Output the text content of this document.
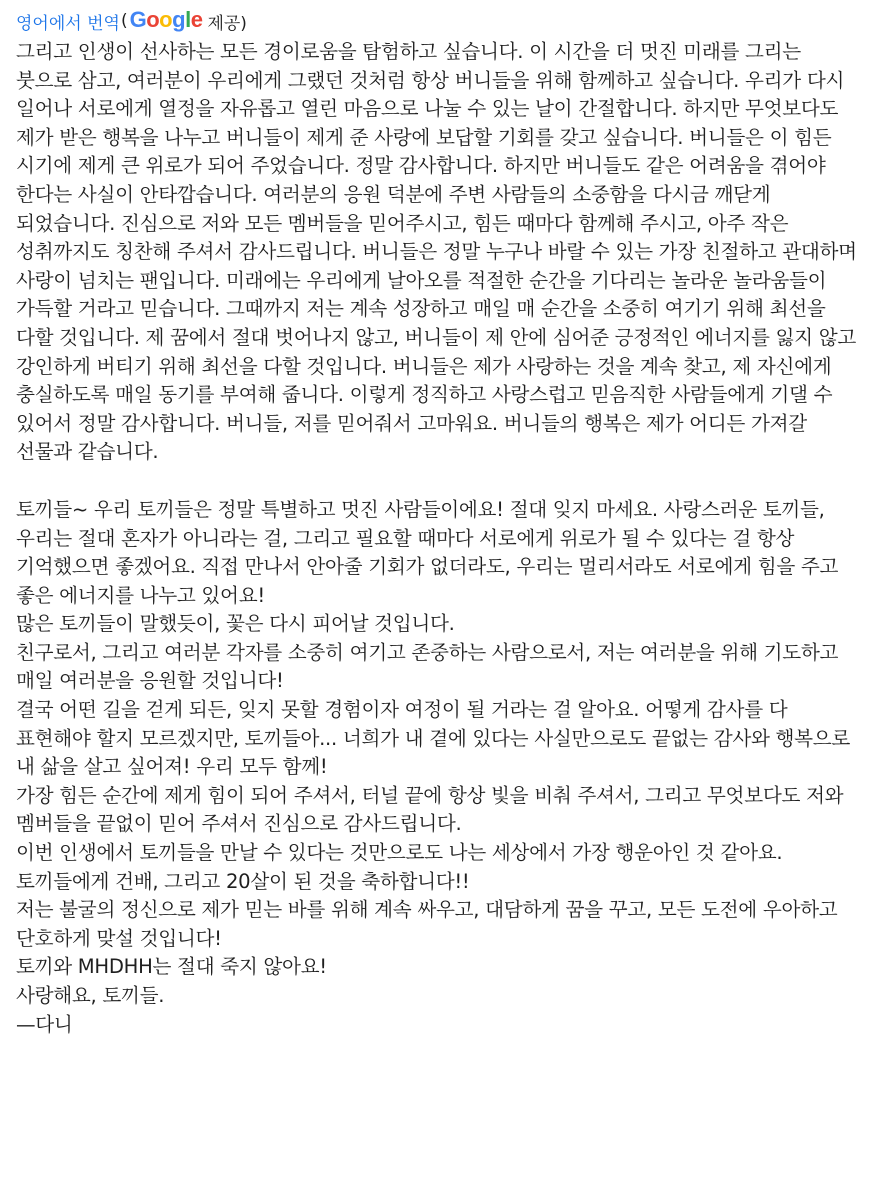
영어에서 번역 ( Google 제공)

그리고 인생이 선사하는 모든 경이로움을 탐험하고 싶습니다. 이 시간을 더 멋진 미래를 그리는 붓으로 삼고, 여러분이 우리에게 그랬던 것처럼 항상 버니들을 위해 함께하고 싶습니다. 우리가 다시 일어나 서로에게 열정을 자유롭고 열린 마음으로 나눌 수 있는 날이 간절합니다. 하지만 무엇보다도 제가 받은 행복을 나누고 버니들이 제게 준 사랑에 보답할 기회를 갖고 싶습니다. 버니들은 이 힘든 시기에 제게 큰 위로가 되어 주었습니다. 정말 감사합니다. 하지만 버니들도 같은 어려움을 겪어야 한다는 사실이 안타깝습니다. 여러분의 응원 덕분에 주변 사람들의 소중함을 다시금 깨닫게 되었습니다. 진심으로 저와 모든 멤버들을 믿어주시고, 힘든 때마다 함께해 주시고, 아주 작은 성취까지도 칭찬해 주셔서 감사드립니다. 버니들은 정말 누구나 바랄 수 있는 가장 친절하고 관대하며 사랑이 넘치는 팬입니다. 미래에는 우리에게 날아오를 적절한 순간을 기다리는 놀라운 놀라움들이 가득할 거라고 믿습니다. 그때까지 저는 계속 성장하고 매일 매 순간을 소중히 여기기 위해 최선을 다할 것입니다. 제 꿈에서 절대 벗어나지 않고, 버니들이 제 안에 심어준 긍정적인 에너지를 잃지 않고 강인하게 버티기 위해 최선을 다할 것입니다. 버니들은 제가 사랑하는 것을 계속 찾고, 제 자신에게 충실하도록 매일 동기를 부여해 줍니다. 이렇게 정직하고 사랑스럽고 믿음직한 사람들에게 기댈 수 있어서 정말 감사합니다. 버니들, 저를 믿어줘서 고마워요. 버니들의 행복은 제가 어디든 가져갈 선물과 같습니다.

토끼들~ 우리 토끼들은 정말 특별하고 멋진 사람들이에요! 절대 잊지 마세요. 사랑스러운 토끼들, 우리는 절대 혼자가 아니라는 걸, 그리고 필요할 때마다 서로에게 위로가 될 수 있다는 걸 항상 기억했으면 좋겠어요. 직접 만나서 안아줄 기회가 없더라도, 우리는 멀리서라도 서로에게 힘을 주고 좋은 에너지를 나누고 있어요!

많은 토끼들이 말했듯이, 꽃은 다시 피어날 것입니다.

친구로서, 그리고 여러분 각자를 소중히 여기고 존중하는 사람으로서, 저는 여러분을 위해 기도하고 매일 여러분을 응원할 것입니다!

결국 어떤 길을 걷게 되든, 잊지 못할 경험이자 여정이 될 거라는 걸 알아요. 어떻게 감사를 다 표현해야 할지 모르겠지만, 토끼들아... 너희가 내 곁에 있다는 사실만으로도 끝없는 감사와 행복으로 내 삶을 살고 싶어져! 우리 모두 함께!

가장 힘든 순간에 제게 힘이 되어 주셔서, 터널 끝에 항상 빛을 비춰 주셔서, 그리고 무엇보다도 저와 멤버들을 끝없이 믿어 주셔서 진심으로 감사드립니다.

이번 인생에서 토끼들을 만날 수 있다는 것만으로도 나는 세상에서 가장 행운아인 것 같아요.

토끼들에게 건배, 그리고 20살이 된 것을 축하합니다!!

저는 불굴의 정신으로 제가 믿는 바를 위해 계속 싸우고, 대담하게 꿈을 꾸고, 모든 도전에 우아하고 단호하게 맞설 것입니다!

토끼와 MHDHH는 절대 죽지 않아요!

사랑해요, 토끼들.

—다니
